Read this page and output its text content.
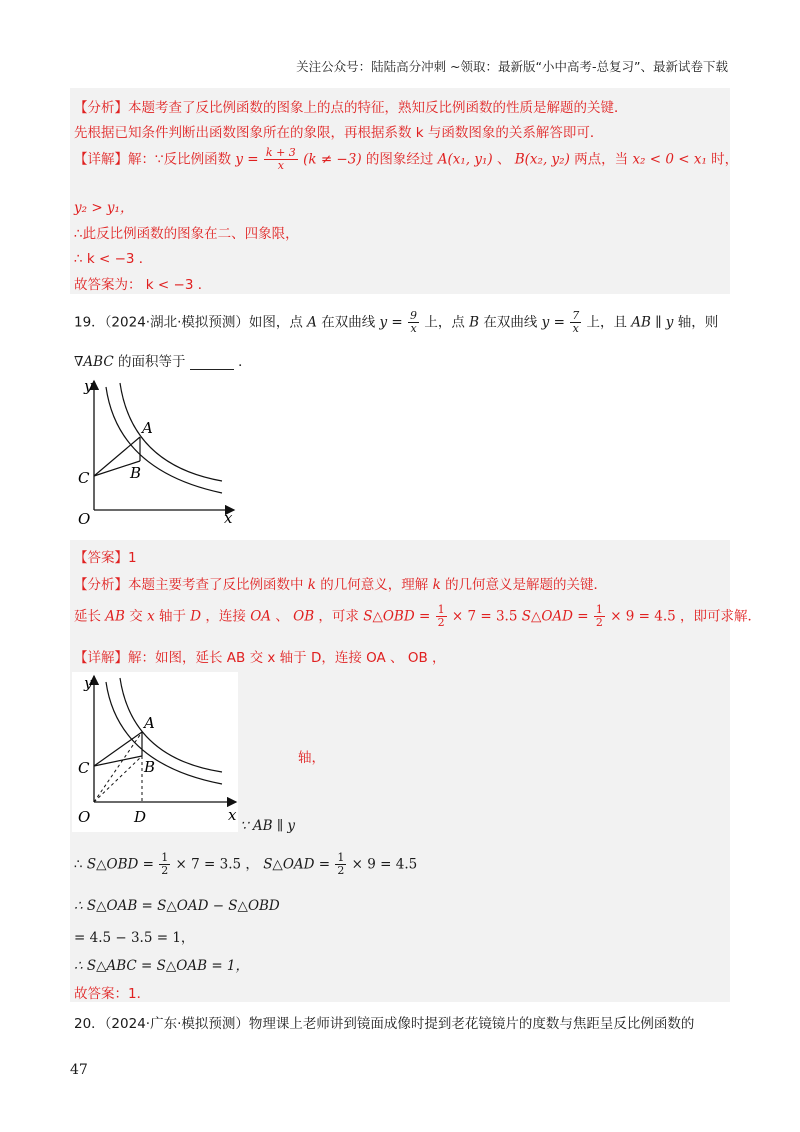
关注公众号：陆陆高分冲刺 ~领取：最新版“小中高考-总复习”、最新试卷下载
【分析】本题考查了反比例函数的图象上的点的特征，熟知反比例函数的性质是解题的关键．
先根据已知条件判断出函数图象所在的象限，再根据系数 k 与函数图象的关系解答即可．
【详解】解：∵反比例函数 $y = \frac{k + 3}{x} (k \ne -3)$ 的图象经过 A(x₁, y₁) 、 B(x₂, y₂) 两点，当 x₂ < 0 < x₁ 时，
y₂ > y₁，
∴此反比例函数的图象在二、四象限，
∴ k < −3 ．
故答案为： k < −3 ．
19．（2024·湖北·模拟预测）如图，点 A 在双曲线 $y = \frac{9}{x}$ 上，点 B 在双曲线 $y = \frac{7}{x}$ 上，且 AB ∥ y 轴，则
∇ABC 的面积等于	．
y
x
O
A
B
C
【答案】1
【分析】本题主要考查了反比例函数中 k 的几何意义，理解 k 的几何意义是解题的关键．
延长 AB 交 x 轴于 D ，连接 OA 、 OB ，可求 S△OBD = $\frac{1}{2} \times 7 = 3.5$ S△OAD = $\frac{1}{2} \times 9 = 4.5$ ，即可求解．
【详解】解：如图，延长 AB 交 x 轴于 D，连接 OA 、 OB ，
y
x
O
A
B
C
D
轴，
∵ AB ∥ y
∴ S△OBD = $\frac{1}{2} \times 7 = 3.5$ ， S△OAD = $\frac{1}{2} \times 9 = 4.5$
∴ S△OAB = S△OAD − S△OBD
= 4.5 − 3.5 = 1，
∴ S△ABC = S△OAB = 1，
故答案：1．
20．（2024·广东·模拟预测）物理课上老师讲到镜面成像时提到老花镜镜片的度数与焦距呈反比例函数的
47
